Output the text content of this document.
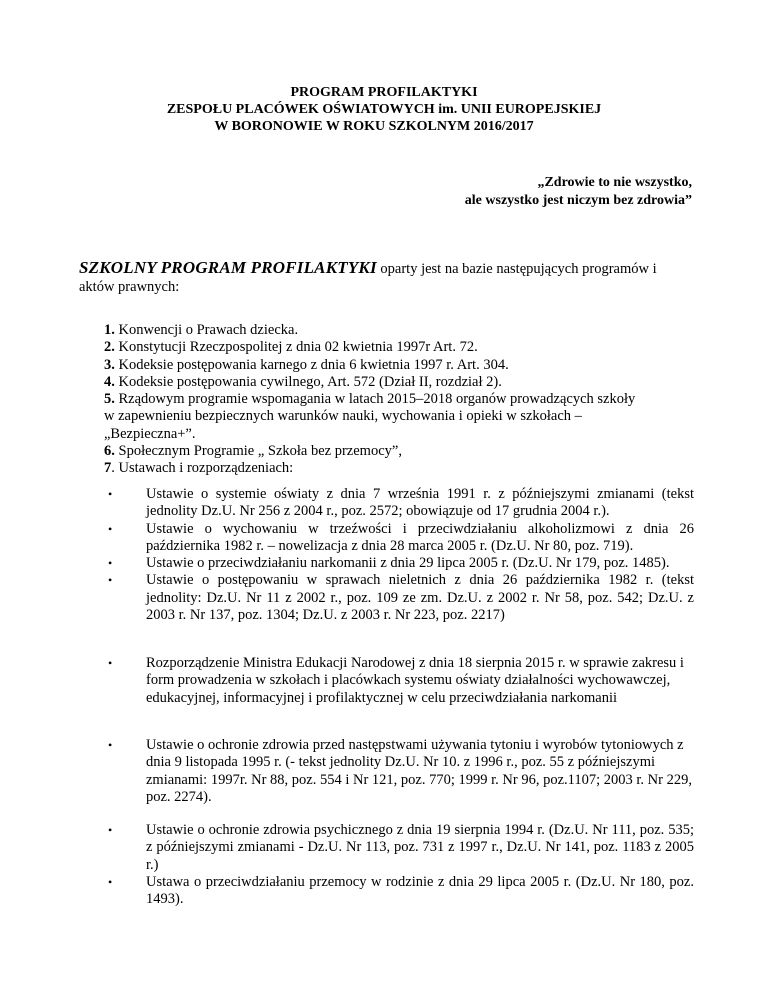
PROGRAM PROFILAKTYKI
ZESPOŁU PLACÓWEK OŚWIATOWYCH im. UNII EUROPEJSKIEJ
W BORONOWIE W ROKU SZKOLNYM 2016/2017
„Zdrowie to nie wszystko,
ale wszystko jest niczym bez zdrowia”
SZKOLNY PROGRAM PROFILAKTYKI oparty jest na bazie następujących programów i
aktów prawnych:
1. Konwencji o Prawach dziecka.
2. Konstytucji Rzeczpospolitej z dnia 02 kwietnia 1997r Art. 72.
3. Kodeksie postępowania karnego z dnia 6 kwietnia 1997 r. Art. 304.
4. Kodeksie postępowania cywilnego, Art. 572 (Dział II, rozdział 2).
5. Rządowym programie wspomagania w latach 2015–2018 organów prowadzących szkoły
w zapewnieniu bezpiecznych warunków nauki, wychowania i opieki w szkołach –
„Bezpieczna+”.
6. Społecznym Programie „ Szkoła bez przemocy”,
7. Ustawach i rozporządzeniach:
• Ustawie o systemie oświaty z dnia 7 września 1991 r. z późniejszymi zmianami (tekst jednolity Dz.U. Nr 256 z 2004 r., poz. 2572; obowiązuje od 17 grudnia 2004 r.).
• Ustawie o wychowaniu w trzeźwości i przeciwdziałaniu alkoholizmowi z dnia 26 października 1982 r. – nowelizacja z dnia 28 marca 2005 r. (Dz.U. Nr 80, poz. 719).
• Ustawie o przeciwdziałaniu narkomanii z dnia 29 lipca 2005 r. (Dz.U. Nr 179, poz. 1485).
• Ustawie o postępowaniu w sprawach nieletnich z dnia 26 października 1982 r. (tekst jednolity: Dz.U. Nr 11 z 2002 r., poz. 109 ze zm. Dz.U. z 2002 r. Nr 58, poz. 542; Dz.U. z 2003 r. Nr 137, poz. 1304; Dz.U. z 2003 r. Nr 223, poz. 2217)
• Rozporządzenie Ministra Edukacji Narodowej z dnia 18 sierpnia 2015 r. w sprawie zakresu i form prowadzenia w szkołach i placówkach systemu oświaty działalności wychowawczej, edukacyjnej, informacyjnej i profilaktycznej w celu przeciwdziałania narkomanii
• Ustawie o ochronie zdrowia przed następstwami używania tytoniu i wyrobów tytoniowych z dnia 9 listopada 1995 r. (- tekst jednolity Dz.U. Nr 10. z 1996 r., poz. 55 z późniejszymi zmianami: 1997r. Nr 88, poz. 554 i Nr 121, poz. 770; 1999 r. Nr 96, poz.1107; 2003 r. Nr 229, poz. 2274).
• Ustawie o ochronie zdrowia psychicznego z dnia 19 sierpnia 1994 r. (Dz.U. Nr 111, poz. 535; z późniejszymi zmianami - Dz.U. Nr 113, poz. 731 z 1997 r., Dz.U. Nr 141, poz. 1183 z 2005 r.)
• Ustawa o przeciwdziałaniu przemocy w rodzinie z dnia 29 lipca 2005 r. (Dz.U. Nr 180, poz. 1493).
